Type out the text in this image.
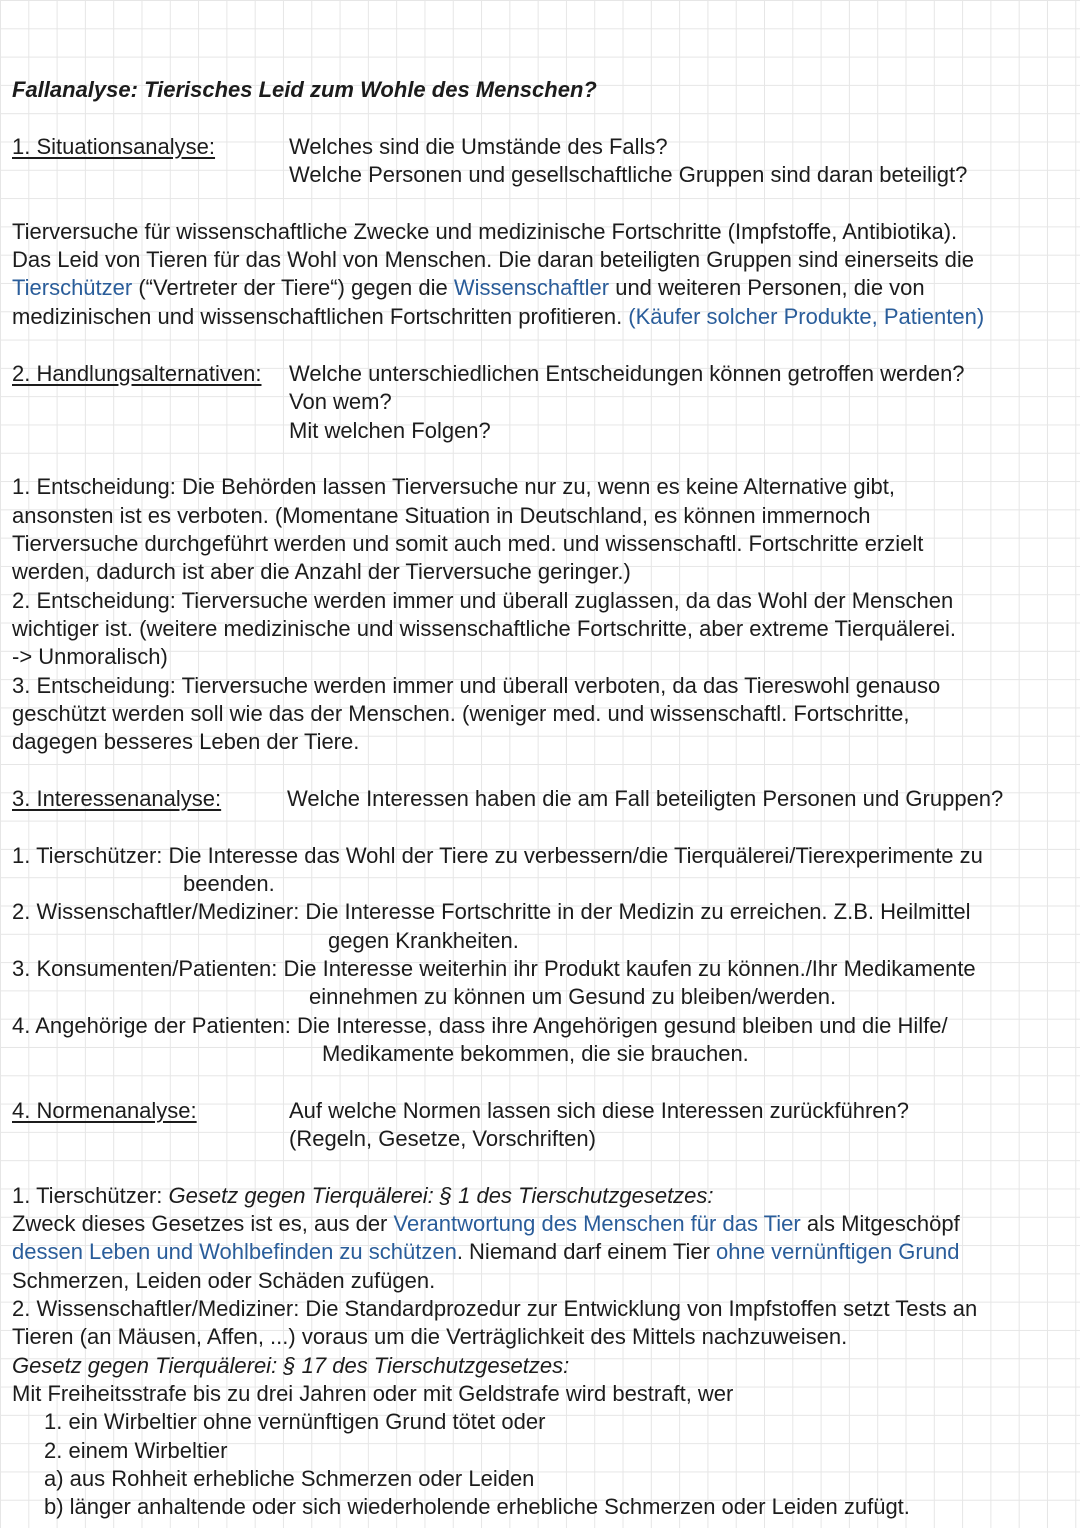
Fallanalyse: Tierisches Leid zum Wohle des Menschen?
1. Situationsanalyse:	Welches sind die Umstände des Falls?
Welche Personen und gesellschaftliche Gruppen sind daran beteiligt?
Tierversuche für wissenschaftliche Zwecke und medizinische Fortschritte (Impfstoffe, Antibiotika).
Das Leid von Tieren für das Wohl von Menschen. Die daran beteiligten Gruppen sind einerseits die
Tierschützer (“Vertreter der Tiere“) gegen die Wissenschaftler und weiteren Personen, die von
medizinischen und wissenschaftlichen Fortschritten profitieren. (Käufer solcher Produkte, Patienten)
2. Handlungsalternativen: Welche unterschiedlichen Entscheidungen können getroffen werden?
Von wem?
Mit welchen Folgen?
1. Entscheidung: Die Behörden lassen Tierversuche nur zu, wenn es keine Alternative gibt,
ansonsten ist es verboten. (Momentane Situation in Deutschland, es können immernoch
Tierversuche durchgeführt werden und somit auch med. und wissenschaftl. Fortschritte erzielt
werden, dadurch ist aber die Anzahl der Tierversuche geringer.)
2. Entscheidung: Tierversuche werden immer und überall zuglassen, da das Wohl der Menschen
wichtiger ist. (weitere medizinische und wissenschaftliche Fortschritte, aber extreme Tierquälerei.
-> Unmoralisch)
3. Entscheidung: Tierversuche werden immer und überall verboten, da das Tiereswohl genauso
geschützt werden soll wie das der Menschen. (weniger med. und wissenschaftl. Fortschritte,
dagegen besseres Leben der Tiere.
3. Interessenanalyse:	Welche Interessen haben die am Fall beteiligten Personen und Gruppen?
1. Tierschützer: Die Interesse das Wohl der Tiere zu verbessern/die Tierquälerei/Tierexperimente zu
beenden.
2. Wissenschaftler/Mediziner: Die Interesse Fortschritte in der Medizin zu erreichen. Z.B. Heilmittel
gegen Krankheiten.
3. Konsumenten/Patienten: Die Interesse weiterhin ihr Produkt kaufen zu können./Ihr Medikamente
einnehmen zu können um Gesund zu bleiben/werden.
4. Angehörige der Patienten: Die Interesse, dass ihre Angehörigen gesund bleiben und die Hilfe/
Medikamente bekommen, die sie brauchen.
4. Normenanalyse:	Auf welche Normen lassen sich diese Interessen zurückführen?
(Regeln, Gesetze, Vorschriften)
1. Tierschützer: Gesetz gegen Tierquälerei: § 1 des Tierschutzgesetzes:
Zweck dieses Gesetzes ist es, aus der Verantwortung des Menschen für das Tier als Mitgeschöpf
dessen Leben und Wohlbefinden zu schützen. Niemand darf einem Tier ohne vernünftigen Grund
Schmerzen, Leiden oder Schäden zufügen.
2. Wissenschaftler/Mediziner: Die Standardprozedur zur Entwicklung von Impfstoffen setzt Tests an
Tieren (an Mäusen, Affen, ...) voraus um die Verträglichkeit des Mittels nachzuweisen.
Gesetz gegen Tierquälerei: § 17 des Tierschutzgesetzes:
Mit Freiheitsstrafe bis zu drei Jahren oder mit Geldstrafe wird bestraft, wer
1. ein Wirbeltier ohne vernünftigen Grund tötet oder
2. einem Wirbeltier
a) aus Rohheit erhebliche Schmerzen oder Leiden
b) länger anhaltende oder sich wiederholende erhebliche Schmerzen oder Leiden zufügt.
